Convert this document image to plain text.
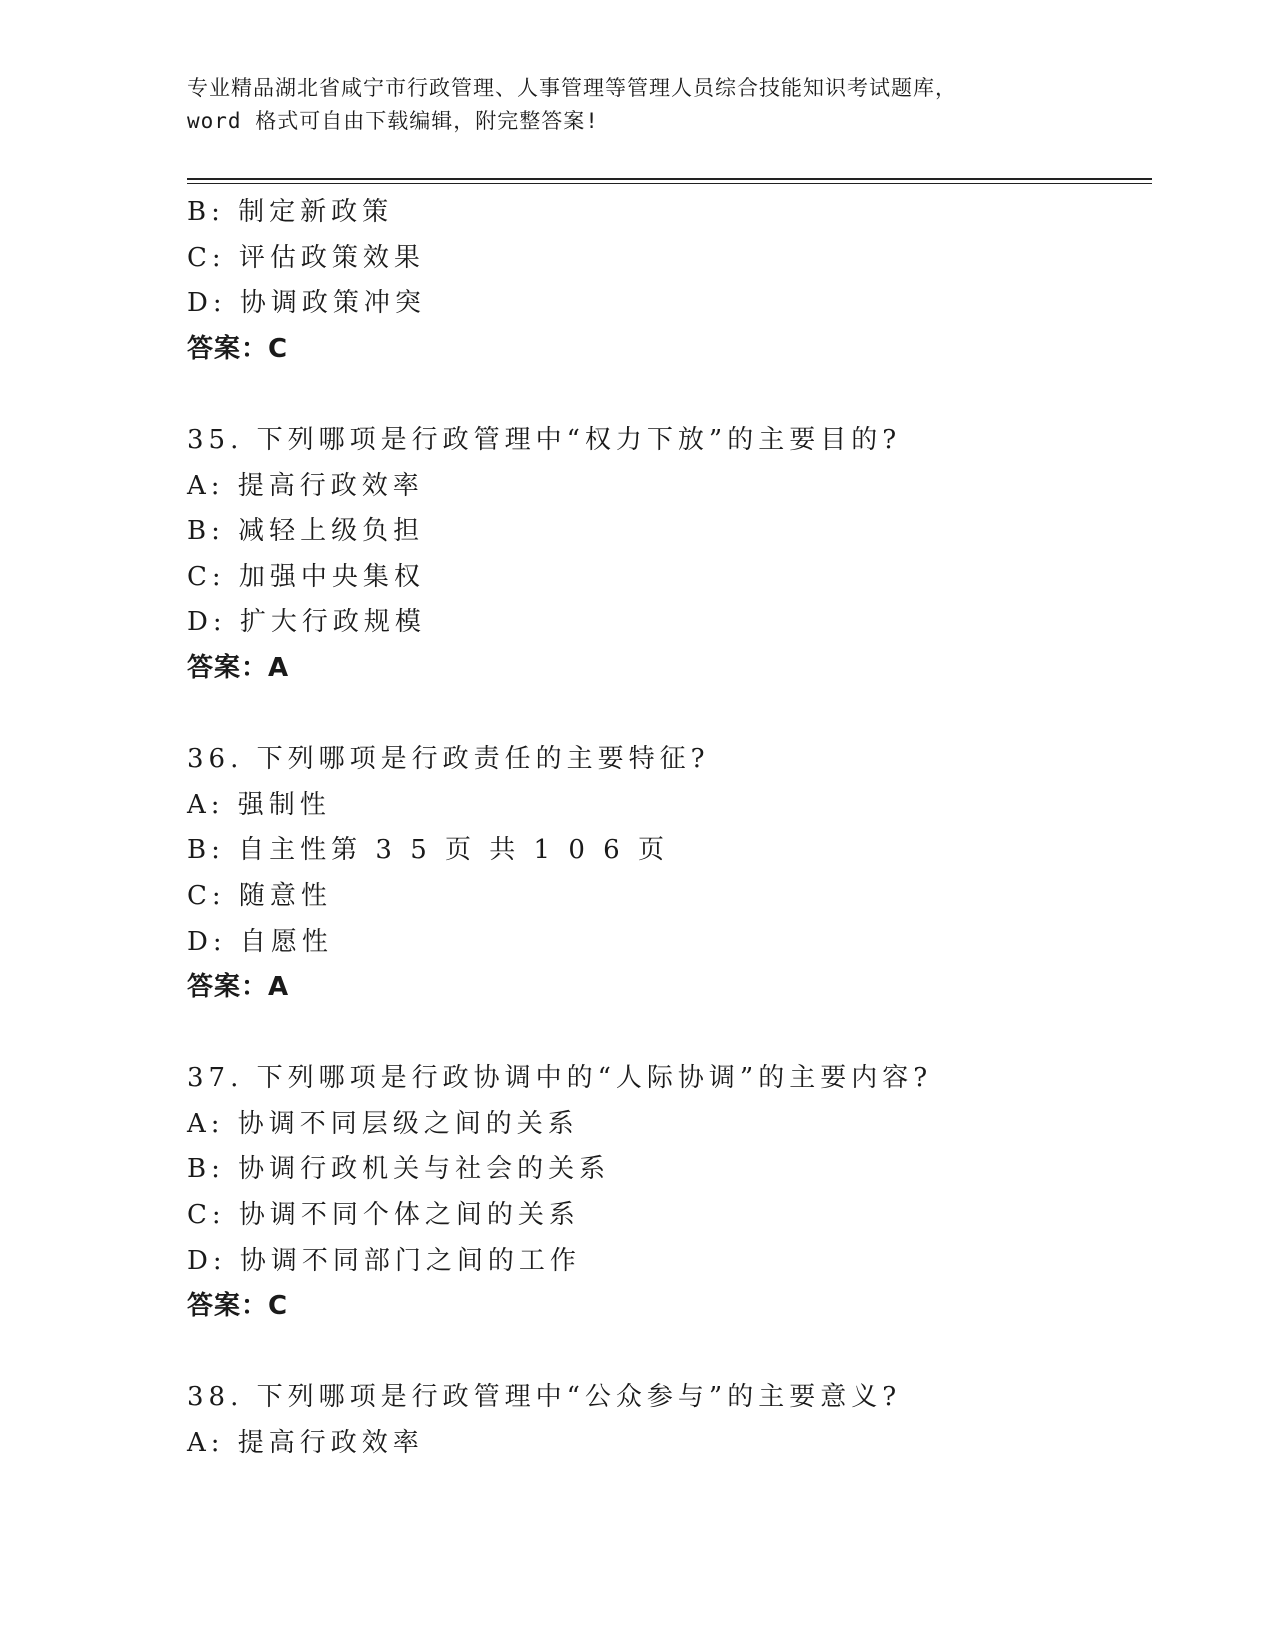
专业精品湖北省咸宁市行政管理、人事管理等管理人员综合技能知识考试题库，
word 格式可自由下载编辑，附完整答案!
B: 制定新政策
C: 评估政策效果
D: 协调政策冲突
答案：C
35. 下列哪项是行政管理中“权力下放”的主要目的?
A: 提高行政效率
B: 减轻上级负担
C: 加强中央集权
D: 扩大行政规模
答案：A
36. 下列哪项是行政责任的主要特征?
A: 强制性
B: 自主性第 3 5 页 共 1 0 6 页
C: 随意性
D: 自愿性
答案：A
37. 下列哪项是行政协调中的“人际协调”的主要内容?
A: 协调不同层级之间的关系
B: 协调行政机关与社会的关系
C: 协调不同个体之间的关系
D: 协调不同部门之间的工作
答案：C
38. 下列哪项是行政管理中“公众参与”的主要意义?
A: 提高行政效率
